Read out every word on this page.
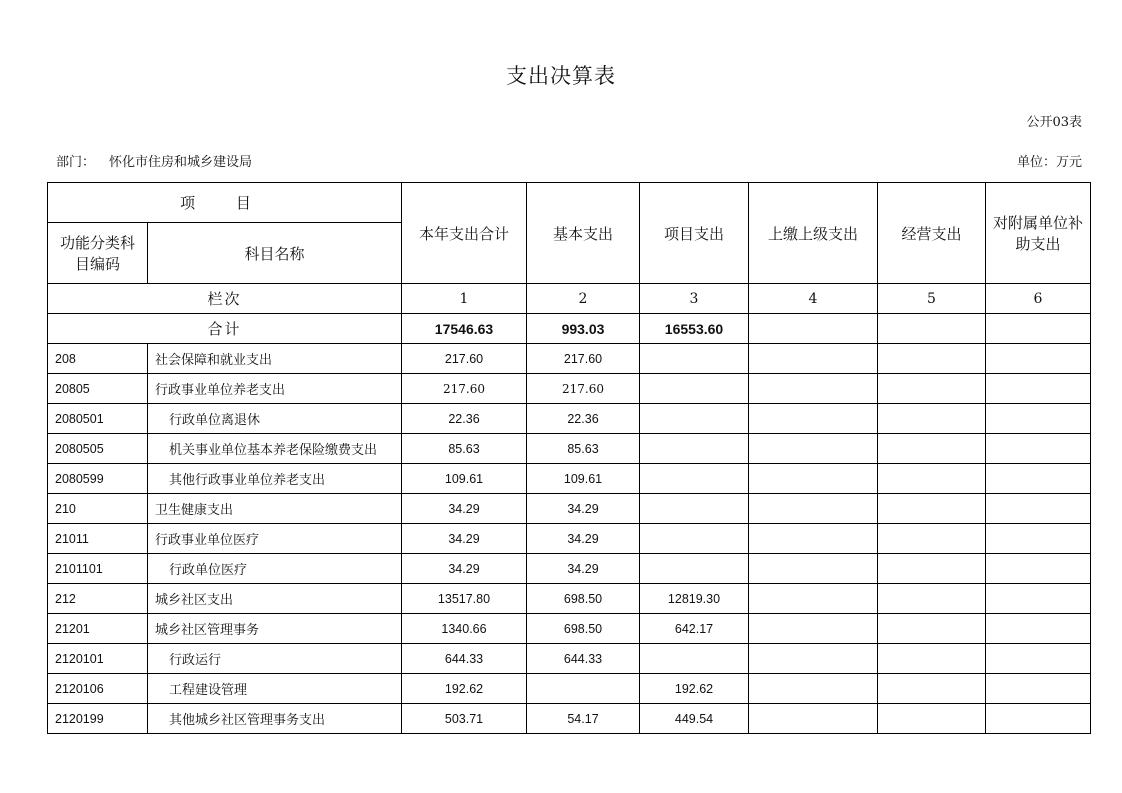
支出决算表
公开03表
部门： 怀化市住房和城乡建设局	单位：万元
项 目		本年支出合计	基本支出	项目支出	上缴上级支出	经营支出	对附属单位补助支出
功能分类科目编码	科目名称						
栏次		1	2	3	4	5	6
合计		17546.63	993.03	16553.60			
208	社会保障和就业支出	217.60	217.60				
20805	行政事业单位养老支出	217.60	217.60				
2080501	行政单位离退休	22.36	22.36				
2080505	机关事业单位基本养老保险缴费支出	85.63	85.63				
2080599	其他行政事业单位养老支出	109.61	109.61				
210	卫生健康支出	34.29	34.29				
21011	行政事业单位医疗	34.29	34.29				
2101101	行政单位医疗	34.29	34.29				
212	城乡社区支出	13517.80	698.50	12819.30			
21201	城乡社区管理事务	1340.66	698.50	642.17			
2120101	行政运行	644.33	644.33				
2120106	工程建设管理	192.62		192.62			
2120199	其他城乡社区管理事务支出	503.71	54.17	449.54			
